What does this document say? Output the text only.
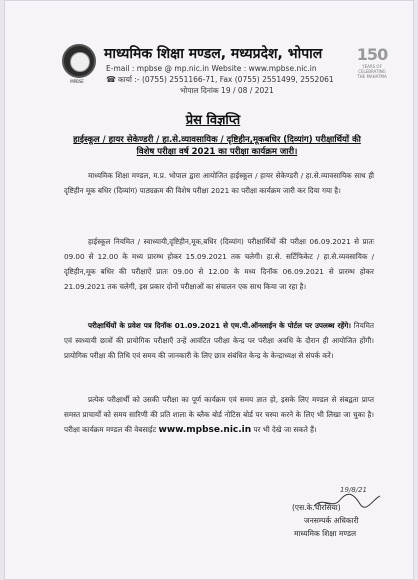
MPBSE
माध्यमिक शिक्षा मण्डल, मध्यप्रदेश, भोपाल
E-mail : mpbse @ mp.nic.in Website : www.mpbse.nic.in
☎ कार्या :- (0755) 2551166-71, Fax (0755) 2551499, 2552061
भोपाल दिनांक 19 / 08 / 2021
150
YEARS OF CELEBRATING THE MAHATMA
प्रेस विज्ञप्ति
हाईस्कूल / हायर सेकेण्डरी / हा.से.व्यावसायिक / दृष्टिहीन,मूकबधिर (दिव्यांग) परीक्षार्थियों की विशेष परीक्षा वर्ष 2021 का परीक्षा कार्यक्रम जारी।
माध्यमिक शिक्षा मण्डल, म.प्र. भोपाल द्वारा आयोजित हाईस्कूल / हायर सेकेण्डरी / हा.से.व्यावसायिक साथ ही दृष्टिहीन मूक बधिर (दिव्यांग) पाठ्यक्रम की विशेष परीक्षा 2021 का परीक्षा कार्यक्रम जारी कर दिया गया है।
हाईस्कूल नियमित / स्वाध्यायी,दृष्टिहीन,मूक,बधिर (दिव्यांग) परीक्षार्थियों की परीक्षा 06.09.2021 से प्रातः 09.00 से 12.00 के मध्य प्रारम्भ होकर 15.09.2021 तक चलेगी। हा.से. सर्टिफिकेट / हा.से.व्यवसायिक / दृष्टिहीन,मूक बधिर की परीक्षाऐं प्रातः 09.00 से 12.00 के मध्य दिनॉक 06.09.2021 से प्रारम्भ होकर 21.09.2021 तक चलेगी, इस प्रकार दोनों परीक्षाओं का संचालन एक साथ किया जा रहा है।
परीक्षार्थियों के प्रवेश पत्र दिनॉक 01.09.2021 से एम.पी.ऑनलाईन के पोर्टल पर उपलब्ध रहेंगे। नियमित एवं स्वध्यायी छात्रों की प्रायोगिक परीक्षाएँ उन्हें आवंटित परीक्षा केन्द्र पर परीक्षा अवधि के दौरान ही आयोजित होंगी। प्रायोगिक परीक्षा की तिथि एवं समय की जानकारी के लिए छात्र संबंधित केन्द्र के केन्द्राध्यक्ष से संपर्क करें।
प्रत्येक परीक्षार्थी को उसकी परीक्षा का पूर्ण कार्यक्रम एवं समय ज्ञात हो, इसके लिए मण्डल से संबद्वता प्राप्त समस्त प्राचार्यों को समय सारिणी की प्रति शाला के ब्लैक बोर्ड नोटिस बोर्ड पर चस्पा करने के लिए भी लिखा जा चुका है। परीक्षा कार्यक्रम मण्डल की वेबसाईट www.mpbse.nic.in पर भी देखे जा सकते हैं।
19/8/21
(एस.के.चौरसिया)
जनसम्पर्क अधिकारी
माध्यमिक शिक्षा मण्डल
